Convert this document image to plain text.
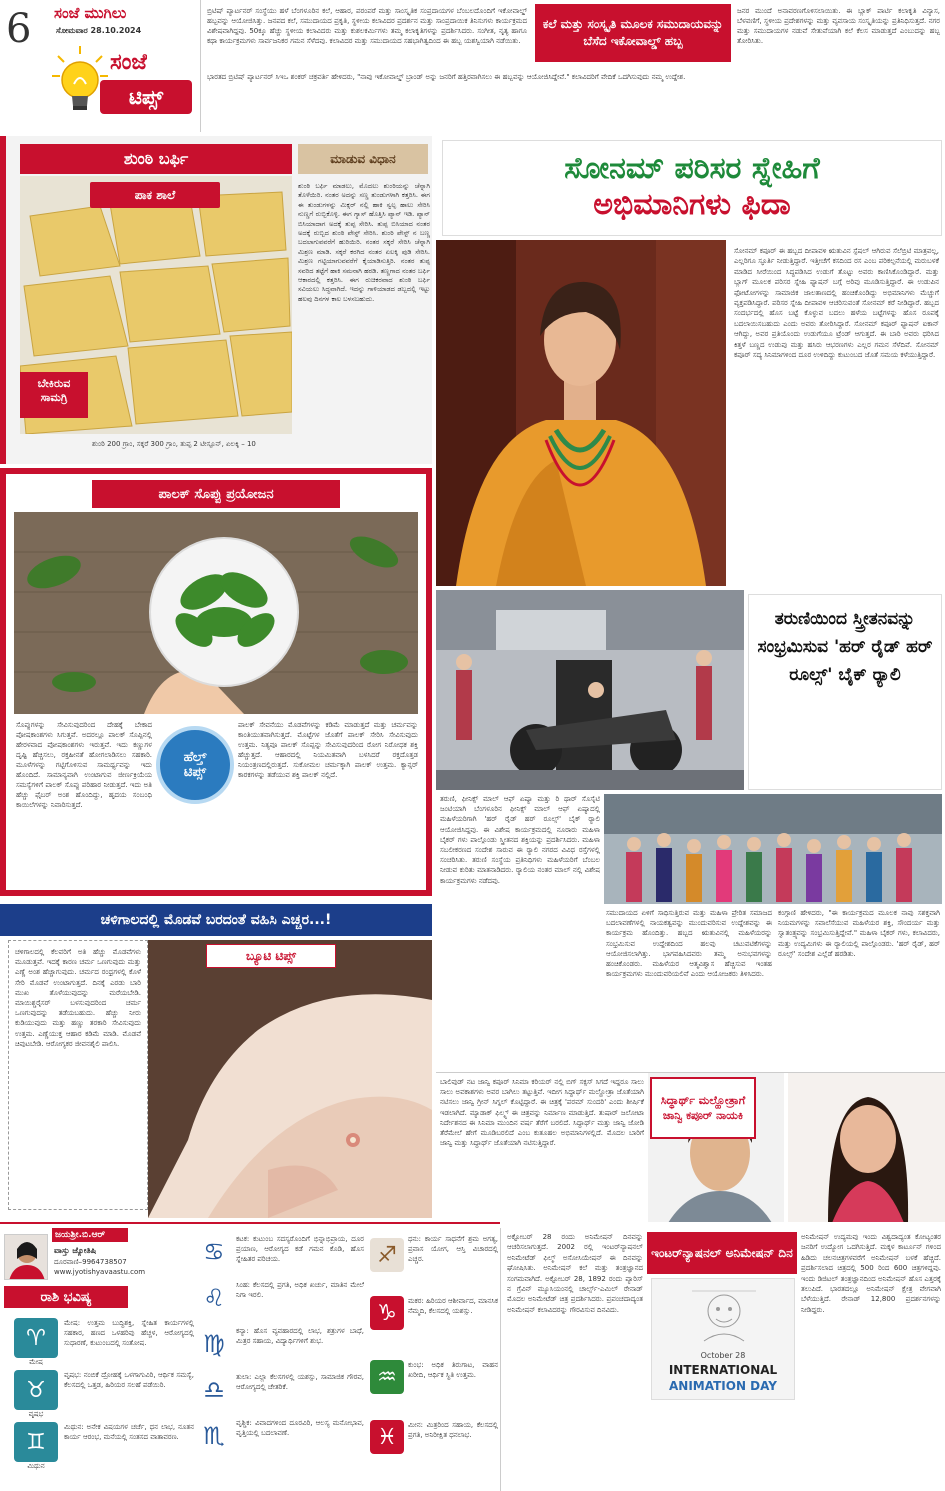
6 ಸಂಜೆ ಮುಗಿಲು
ಸೋಮವಾರ 28.10.2024
ಸಂಜೆ
ಟಿಪ್ಸ್
ಬ್ರಿಟಿಷ್ ಪ್ಯಾರ್ಟನರ್ ಸಂಸ್ಥೆಯು ಹಳೆ ಬೆಂಗಳೂರಿನ ಕಲೆ, ಆಹಾರ, ಪರಂಪರೆ ಮತ್ತು ಸಾಂಸ್ಕೃತಿಕ ಸಂಪ್ರದಾಯಗಳ ಬೆಂಬಲದೊಂದಿಗೆ ಇಕೋವಾಲ್ಡ್ ಹಬ್ಬವನ್ನು ಆಯೋಜಿಸಿತ್ತು. ಜನಪದ ಕಲೆ, ಸಮುದಾಯದ ಪ್ರಕೃತಿ, ಸ್ಥಳೀಯ ಕಲಾವಿದರ ಪ್ರದರ್ಶನ ಮತ್ತು ಸಾಂಪ್ರದಾಯಿಕ ತಿನಿಸುಗಳು ಕಾರ್ಯಕ್ರಮದ ವಿಶೇಷವಾಗಿದ್ದವು. 50ಕ್ಕೂ ಹೆಚ್ಚು ಸ್ಥಳೀಯ ಕಲಾವಿದರು ಮತ್ತು ಕುಶಲಕರ್ಮಿಗಳು ತಮ್ಮ ಕಲಾಕೃತಿಗಳನ್ನು ಪ್ರದರ್ಶಿಸಿದರು. ಸಂಗೀತ, ನೃತ್ಯ ಹಾಗೂ ಕಥಾ ಕಾರ್ಯಕ್ರಮಗಳು ಸಾರ್ವಜನಿಕರ ಗಮನ ಸೆಳೆದವು. ಕಲಾವಿದರ ಮತ್ತು ಸಮುದಾಯದ ಸಹಭಾಗಿತ್ವದಿಂದ ಈ ಹಬ್ಬ ಯಶಸ್ವಿಯಾಗಿ ನಡೆಯಿತು.
ಕಲೆ ಮತ್ತು ಸಂಸ್ಕೃತಿ ಮೂಲಕ ಸಮುದಾಯವನ್ನು ಬೆಸೆದ ಇಕೋವಾಲ್ಡ್ ಹಬ್ಬ
ಜನರ ಮುಂದೆ ಅನಾವರಣಗೊಳಿಸಲಾಯಿತು. ಈ ಬ್ಲಾಕ್ ಪಾರ್ಟಿ ಕಲಾಕೃತಿ ವಿನ್ಯಾಸ, ಬೆಳವಣಿಗೆ, ಸ್ಥಳೀಯ ಪ್ರದೇಶಗಳನ್ನು ಮತ್ತು ವ್ಯವಸಾಯ ಸಂಸ್ಕೃತಿಯನ್ನು ಪ್ರತಿನಿಧಿಸುತ್ತದೆ. ನಗರ ಮತ್ತು ಸಮುದಾಯಗಳ ನಡುವೆ ಸೇತುವೆಯಾಗಿ ಕಲೆ ಕೆಲಸ ಮಾಡುತ್ತದೆ ಎಂಬುದನ್ನು ಹಬ್ಬ ತೋರಿಸಿತು.
ಭಾರತದ ಬ್ರಿಟಿಷ್ ಪ್ಯಾರ್ಟನರ್ ಸಿಇಒ ಶಂಕರ್ ಚಕ್ರವರ್ತಿ ಹೇಳಿದರು, "ನಾವು ಇಕೋವಾಲ್ಡ್ ಬ್ರಾಂಡ್ ಅನ್ನು ಜನರಿಗೆ ಹತ್ತಿರವಾಗಿಸಲು ಈ ಹಬ್ಬವನ್ನು ಆಯೋಜಿಸಿದ್ದೇವೆ." ಕಲಾವಿದರಿಗೆ ವೇದಿಕೆ ಒದಗಿಸುವುದು ನಮ್ಮ ಉದ್ದೇಶ.
ಶುಂಠಿ ಬರ್ಫಿ	ಮಾಡುವ ವಿಧಾನ
ಪಾಕ ಶಾಲೆ
ಬೇಕಿರುವ
ಸಾಮಗ್ರಿ
ಶುಂಠಿ ಬರ್ಫಿ ಮಾಡಲು, ಮೊದಲು ಶುಂಠಿಯನ್ನು ಚೆನ್ನಾಗಿ ತೊಳೆಯಿರಿ. ನಂತರ ಅದನ್ನು ಸಣ್ಣ ತುಂಡುಗಳಾಗಿ ಕತ್ತರಿಸಿ. ಈಗ ಈ ತುಂಡುಗಳನ್ನು ಮಿಕ್ಸರ್ ನಲ್ಲಿ ಹಾಕಿ ಸ್ವಲ್ಪ ಹಾಲು ಸೇರಿಸಿ ನುಣ್ಣಗೆ ರುಬ್ಬಿಕೊಳ್ಳಿ. ಈಗ ಗ್ಯಾಸ್ ಹೊತ್ತಿಸಿ ಪ್ಯಾನ್ ಇಡಿ. ಪ್ಯಾನ್ ಬಿಸಿಯಾದಾಗ ಅದಕ್ಕೆ ತುಪ್ಪ ಸೇರಿಸಿ. ತುಪ್ಪ ಬಿಸಿಯಾದ ನಂತರ ಅದಕ್ಕೆ ರುಬ್ಬಿದ ಶುಂಠಿ ಪೇಸ್ಟ್ ಸೇರಿಸಿ. ಶುಂಠಿ ಪೇಸ್ಟ್ ನ ಬಣ್ಣ ಬದಲಾಗುವವರೆಗೆ ಹುರಿಯಿರಿ. ನಂತರ ಸಕ್ಕರೆ ಸೇರಿಸಿ ಚೆನ್ನಾಗಿ ಮಿಶ್ರಣ ಮಾಡಿ. ಸಕ್ಕರೆ ಕರಗಿದ ನಂತರ ಏಲಕ್ಕಿ ಪುಡಿ ಸೇರಿಸಿ. ಮಿಶ್ರಣ ಗಟ್ಟಿಯಾಗುವವರೆಗೆ ಕೈಯಾಡಿಸುತ್ತಿರಿ. ನಂತರ ತುಪ್ಪ ಸವರಿದ ತಟ್ಟೆಗೆ ಹಾಕಿ ಸಮನಾಗಿ ಹರಡಿ. ತಣ್ಣಗಾದ ನಂತರ ಬರ್ಫಿ ಆಕಾರದಲ್ಲಿ ಕತ್ತರಿಸಿ. ಈಗ ರುಚಿಕರವಾದ ಶುಂಠಿ ಬರ್ಫಿ ಸವಿಯಲು ಸಿದ್ಧವಾಗಿದೆ. ಇದನ್ನು ಗಾಳಿಯಾಡದ ಡಬ್ಬದಲ್ಲಿ ಇಟ್ಟು ಹಲವು ದಿನಗಳ ಕಾಲ ಬಳಸಬಹುದು.
ಶುಂಠಿ 200 ಗ್ರಾಂ, ಸಕ್ಕರೆ 300 ಗ್ರಾಂ, ತುಪ್ಪ 2 ಟೀಸ್ಪೂನ್, ಏಲಕ್ಕಿ – 10
ಪಾಲಕ್ ಸೊಪ್ಪು ಪ್ರಯೋಜನ
ಸೊಪ್ಪುಗಳನ್ನು ಸೇವಿಸುವುದರಿಂದ ದೇಹಕ್ಕೆ ಬೇಕಾದ ಪೋಷಕಾಂಶಗಳು ಸಿಗುತ್ತವೆ. ಅದರಲ್ಲೂ ಪಾಲಕ್ ಸೊಪ್ಪಿನಲ್ಲಿ ಹೇರಳವಾದ ಪೋಷಕಾಂಶಗಳು ಇರುತ್ತವೆ. ಇದು ಕಣ್ಣುಗಳ ದೃಷ್ಟಿ ಹೆಚ್ಚಿಸಲು, ರಕ್ತಹೀನತೆ ಹೋಗಲಾಡಿಸಲು ಸಹಕಾರಿ. ಮೂಳೆಗಳನ್ನು ಗಟ್ಟಿಗೊಳಿಸುವ ಸಾಮರ್ಥ್ಯವನ್ನು ಇದು ಹೊಂದಿದೆ. ಸಾಮಾನ್ಯವಾಗಿ ಉಂಟಾಗುವ ಜೀರ್ಣಕ್ರಿಯೆಯ ಸಮಸ್ಯೆಗಳಿಗೆ ಪಾಲಕ್ ಸೊಪ್ಪು ಪರಿಹಾರ ನೀಡುತ್ತದೆ. ಇದು ಅತಿ ಹೆಚ್ಚು ಫೈಬರ್ ಅಂಶ ಹೊಂದಿದ್ದು, ಹೃದಯ ಸಂಬಂಧಿ ಕಾಯಿಲೆಗಳನ್ನು ನಿವಾರಿಸುತ್ತದೆ.
ಹೆಲ್ತ್
ಟಿಪ್ಸ್
ಪಾಲಕ್ ಸೇವನೆಯು ಮೊಡವೆಗಳನ್ನು ಕಡಿಮೆ ಮಾಡುತ್ತದೆ ಮತ್ತು ಚರ್ಮವನ್ನು ಕಾಂತಿಯುತವಾಗಿಸುತ್ತದೆ. ಮೊಟ್ಟೆಗಳ ಜೊತೆಗೆ ಪಾಲಕ್ ಸೇರಿಸಿ ಸೇವಿಸುವುದು ಉತ್ತಮ. ನಿತ್ಯವೂ ಪಾಲಕ್ ಸೊಪ್ಪನ್ನು ಸೇವಿಸುವುದರಿಂದ ರೋಗ ನಿರೋಧಕ ಶಕ್ತಿ ಹೆಚ್ಚುತ್ತದೆ. ಆಹಾರದಲ್ಲಿ ನಿಯಮಿತವಾಗಿ ಬಳಸಿದರೆ ರಕ್ತದೊತ್ತಡ ನಿಯಂತ್ರಣದಲ್ಲಿರುತ್ತದೆ. ಸುಕೋಮಲ ಚರ್ಮಕ್ಕಾಗಿ ಪಾಲಕ್ ಉತ್ತಮ. ಕ್ಯಾನ್ಸರ್ ಕಾರಕಗಳನ್ನು ತಡೆಯುವ ಶಕ್ತಿ ಪಾಲಕ್ ನಲ್ಲಿದೆ.
ಚಳಿಗಾಲದಲ್ಲಿ ಮೊಡವೆ ಬರದಂತೆ ವಹಿಸಿ ಎಚ್ಚರ...!
ಬ್ಯೂಟಿ ಟಿಪ್ಸ್
ಚಳಿಗಾಲದಲ್ಲಿ ಕೆಲವರಿಗೆ ಅತಿ ಹೆಚ್ಚು ಮೊಡವೆಗಳು ಮೂಡುತ್ತವೆ. ಇದಕ್ಕೆ ಕಾರಣ ಚರ್ಮ ಒಣಗುವುದು ಮತ್ತು ಎಣ್ಣೆ ಅಂಶ ಹೆಚ್ಚಾಗುವುದು. ಚರ್ಮದ ರಂಧ್ರಗಳಲ್ಲಿ ಕೊಳೆ ಸೇರಿ ಮೊಡವೆ ಉಂಟಾಗುತ್ತದೆ. ದಿನಕ್ಕೆ ಎರಡು ಬಾರಿ ಮುಖ ತೊಳೆಯುವುದನ್ನು ಮರೆಯಬೇಡಿ. ಮಾಯಿಶ್ಚರೈಸರ್ ಬಳಸುವುದರಿಂದ ಚರ್ಮ ಒಣಗುವುದನ್ನು ತಡೆಯಬಹುದು. ಹೆಚ್ಚು ನೀರು ಕುಡಿಯುವುದು ಮತ್ತು ಹಣ್ಣು ತರಕಾರಿ ಸೇವಿಸುವುದು ಉತ್ತಮ. ಎಣ್ಣೆಯುಕ್ತ ಆಹಾರ ಕಡಿಮೆ ಮಾಡಿ. ಮೊಡವೆ ಚಿವುಟಬೇಡಿ. ಆರೋಗ್ಯಕರ ಜೀವನಶೈಲಿ ಪಾಲಿಸಿ.
ಸೋನಮ್ ಪರಿಸರ ಸ್ನೇಹಿಗೆ
ಅಭಿಮಾನಿಗಳು ಫಿದಾ
ಸೋನಮ್ ಕಪೂರ್ ಈ ಹಬ್ಬದ ದೀಪಾವಳಿ ಋತುವಿನ ಸ್ಪೆಷಲ್ ಆಗಿರುವ ಸೆಲೆಬ್ರಿಟಿ ಮಾತ್ರವಲ್ಲ, ಎಲ್ಲರಿಗೂ ಸ್ಫೂರ್ತಿ ನೀಡುತ್ತಿದ್ದಾರೆ. ಇತ್ತೀಚೆಗೆ ಕಸದಿಂದ ರಸ ಎಂಬ ಪರಿಕಲ್ಪನೆಯಲ್ಲಿ ಮರುಬಳಕೆ ಮಾಡಿದ ಸೀರೆಯಿಂದ ಸಿದ್ಧಪಡಿಸಿದ ಉಡುಗೆ ತೊಟ್ಟು ಅವರು ಕಾಣಿಸಿಕೊಂಡಿದ್ದಾರೆ. ಮತ್ತು ಬ್ಲಾಗ್ ಮೂಲಕ ಪರಿಸರ ಸ್ನೇಹಿ ಫ್ಯಾಷನ್ ಬಗ್ಗೆ ಅರಿವು ಮೂಡಿಸುತ್ತಿದ್ದಾರೆ. ಈ ಉಡುಪಿನ ಫೋಟೋಗಳನ್ನು ಸಾಮಾಜಿಕ ಜಾಲತಾಣದಲ್ಲಿ ಹಂಚಿಕೊಂಡಿದ್ದು ಅಭಿಮಾನಿಗಳು ಮೆಚ್ಚುಗೆ ವ್ಯಕ್ತಪಡಿಸಿದ್ದಾರೆ. ಪರಿಸರ ಸ್ನೇಹಿ ದೀಪಾವಳಿ ಆಚರಿಸುವಂತೆ ಸೋನಮ್ ಕರೆ ನೀಡಿದ್ದಾರೆ. ಹಬ್ಬದ ಸಂದರ್ಭದಲ್ಲಿ ಹೊಸ ಬಟ್ಟೆ ಕೊಳ್ಳುವ ಬದಲು ಹಳೆಯ ಬಟ್ಟೆಗಳನ್ನು ಹೊಸ ರೂಪಕ್ಕೆ ಬದಲಾಯಿಸಬಹುದು ಎಂದು ಅವರು ತೋರಿಸಿದ್ದಾರೆ. ಸೋನಮ್ ಕಪೂರ್ ಫ್ಯಾಷನ್ ಐಕಾನ್ ಆಗಿದ್ದು, ಅವರ ಪ್ರತಿಯೊಂದು ಉಡುಗೆಯೂ ಟ್ರೆಂಡ್ ಆಗುತ್ತದೆ. ಈ ಬಾರಿ ಅವರು ಧರಿಸಿದ ಕಿತ್ತಳೆ ಬಣ್ಣದ ಉಡುಪು ಮತ್ತು ಹಸಿರು ಆಭರಣಗಳು ಎಲ್ಲರ ಗಮನ ಸೆಳೆದಿವೆ. ಸೋನಮ್ ಕಪೂರ್ ಸದ್ಯ ಸಿನಿಮಾಗಳಿಂದ ದೂರ ಉಳಿದಿದ್ದು ಕುಟುಂಬದ ಜೊತೆ ಸಮಯ ಕಳೆಯುತ್ತಿದ್ದಾರೆ.
ತರುಣಿಯಿಂದ ಸ್ತ್ರೀತನವನ್ನು ಸಂಭ್ರಮಿಸುವ 'ಹರ್ ರೈಡ್ ಹರ್ ರೂಲ್ಸ್' ಬೈಕ್ ರ್‍ಯಾಲಿ
ತರುಣಿ, ಫೀನಿಕ್ಸ್ ಮಾಲ್ ಆಫ್ ಏಷ್ಯಾ ಮತ್ತು ರಿ ಥಾರ್ ಸೊಸೈಟಿ ಜಂಟಿಯಾಗಿ ಬೆಂಗಳೂರಿನ ಫೀನಿಕ್ಸ್ ಮಾಲ್ ಆಫ್ ಏಷ್ಯಾದಲ್ಲಿ ಮಹಿಳೆಯರಿಗಾಗಿ 'ಹರ್ ರೈಡ್ ಹರ್ ರೂಲ್ಸ್' ಬೈಕ್ ರ್‍ಯಾಲಿ ಆಯೋಜಿಸಿದ್ದವು. ಈ ವಿಶೇಷ ಕಾರ್ಯಕ್ರಮದಲ್ಲಿ ನೂರಾರು ಮಹಿಳಾ ಬೈಕರ್ ಗಳು ಪಾಲ್ಗೊಂಡು ಸ್ತ್ರೀತನದ ಶಕ್ತಿಯನ್ನು ಪ್ರದರ್ಶಿಸಿದರು. ಮಹಿಳಾ ಸಬಲೀಕರಣದ ಸಂದೇಶ ಸಾರುವ ಈ ರ್‍ಯಾಲಿ ನಗರದ ವಿವಿಧ ರಸ್ತೆಗಳಲ್ಲಿ ಸಂಚರಿಸಿತು. ತರುಣಿ ಸಂಸ್ಥೆಯ ಪ್ರತಿನಿಧಿಗಳು ಮಹಿಳೆಯರಿಗೆ ಬೆಂಬಲ ನೀಡುವ ಕುರಿತು ಮಾತನಾಡಿದರು. ರ್‍ಯಾಲಿಯ ನಂತರ ಮಾಲ್ ನಲ್ಲಿ ವಿಶೇಷ ಕಾರ್ಯಕ್ರಮಗಳು ನಡೆದವು.
ಸಮುದಾಯದ ಏಳಿಗೆ ಸಾಧಿಸುತ್ತಿರುವ ಮತ್ತು ಮಹಿಳಾ ಪ್ರೇರಿತ ಸಮಾಜದ ಬದಲಾವಣೆಗಳಲ್ಲಿ ನಾಯಕತ್ವವನ್ನು ಮುಂದುವರಿಸುವ ಉದ್ದೇಶವನ್ನು ಈ ಕಾರ್ಯಕ್ರಮ ಹೊಂದಿತ್ತು. ಹಬ್ಬದ ಋತುವಿನಲ್ಲಿ ಮಹಿಳೆಯರನ್ನು ಸಂಭ್ರಮಿಸುವ ಉದ್ದೇಶದಿಂದ ಹಲವು ಚಟುವಟಿಕೆಗಳನ್ನು ಆಯೋಜಿಸಲಾಗಿತ್ತು. ಭಾಗವಹಿಸಿದವರು ತಮ್ಮ ಅನುಭವಗಳನ್ನು ಹಂಚಿಕೊಂಡರು. ಮಹಿಳೆಯರ ಆತ್ಮವಿಶ್ವಾಸ ಹೆಚ್ಚಿಸುವ ಇಂತಹ ಕಾರ್ಯಕ್ರಮಗಳು ಮುಂದುವರಿಯಲಿವೆ ಎಂದು ಆಯೋಜಕರು ತಿಳಿಸಿದರು.
ಕಂಗ್ಗಾಣಿ ಹೇಳಿದರು, "ಈ ಕಾರ್ಯಕ್ರಮದ ಮೂಲಕ ನಾವು ಸಶಕ್ತವಾಗಿ ನಿಯಮಗಳನ್ನು ಸವಾಲೆಸೆಯುವ ಮಹಿಳೆಯರ ಶಕ್ತಿ, ಸೌಂದರ್ಯ ಮತ್ತು ಸ್ವಾತಂತ್ರ್ಯವನ್ನು ಸಂಭ್ರಮಿಸುತ್ತಿದ್ದೇವೆ." ಮಹಿಳಾ ಬೈಕರ್ ಗಳು, ಕಲಾವಿದರು, ಮತ್ತು ಉದ್ಯಮಿಗಳು ಈ ರ್‍ಯಾಲಿಯಲ್ಲಿ ಪಾಲ್ಗೊಂಡರು. 'ಹರ್ ರೈಡ್, ಹರ್ ರೂಲ್ಸ್' ಸಂದೇಶ ಎಲ್ಲೆಡೆ ಹರಡಿತು.
ಬಾಲಿವುಡ್ ನಟ ಜಾನ್ವಿ ಕಪೂರ್ ಸಿನಿಮಾ ಕರಿಯರ್ ನಲ್ಲಿ ಬಿಗ್ ಸಕ್ಸಸ್ ಸಿಗದೆ ಇದ್ದರೂ ಸಾಲು ಸಾಲು ಅವಕಾಶಗಳು ಅವರ ಬಾಗಿಲು ತಟ್ಟುತ್ತಿವೆ. ಇದೀಗ ಸಿದ್ಧಾರ್ಥ್ ಮಲ್ಹೋತ್ರಾ ಜೊತೆಯಾಗಿ ನಟಿಸಲು ಜಾನ್ವಿ ಗ್ರೀನ್ ಸಿಗ್ನಲ್ ಕೊಟ್ಟಿದ್ದಾರೆ. ಈ ಚಿತ್ರಕ್ಕೆ 'ಪರಮ್ ಸುಂದರಿ' ಎಂದು ಶೀರ್ಷಿಕೆ ಇಡಲಾಗಿದೆ. ಮ್ಯಾಡಾಕ್ ಫಿಲ್ಮ್ಸ್ ಈ ಚಿತ್ರವನ್ನು ನಿರ್ಮಾಣ ಮಾಡುತ್ತಿದೆ. ತುಷಾರ್ ಜಲೋಟಾ ನಿರ್ದೇಶನದ ಈ ಸಿನಿಮಾ ಮುಂದಿನ ವರ್ಷ ತೆರೆಗೆ ಬರಲಿದೆ. ಸಿದ್ಧಾರ್ಥ್ ಮತ್ತು ಜಾನ್ವಿ ಜೋಡಿ ತೆರೆಮೇಲೆ ಹೇಗೆ ಮೂಡಿಬರಲಿದೆ ಎಂಬ ಕುತೂಹಲ ಅಭಿಮಾನಿಗಳಲ್ಲಿದೆ. ಮೊದಲ ಬಾರಿಗೆ ಜಾನ್ವಿ ಮತ್ತು ಸಿದ್ಧಾರ್ಥ್ ಜೊತೆಯಾಗಿ ನಟಿಸುತ್ತಿದ್ದಾರೆ.
ಸಿದ್ಧಾರ್ಥ್ ಮಲ್ಹೋತ್ರಾಗೆ ಜಾನ್ವಿ ಕಪೂರ್ ನಾಯಕಿ
ಜಯಶ್ರೀ.ಬಿ.ಆರ್
ವಾಸ್ತು ಜ್ಯೋತಿಷಿ
ದೂರವಾಣಿ–9964738507
www.jyotishyavaastu.com
ರಾಶಿ ಭವಿಷ್ಯ
♈
♉
♊
ಮೇಷ
ವೃಷಭ
ಮಿಥುನ
ಮೇಷ: ಉತ್ತಮ ಬುದ್ಧಿಶಕ್ತಿ, ಸ್ನೇಹಿತ ಕಾರ್ಯಗಳಲ್ಲಿ ಸಹಕಾರ, ಹಣದ ಒಳಹರಿವು ಹೆಚ್ಚಳ, ಆರೋಗ್ಯದಲ್ಲಿ ಸುಧಾರಣೆ, ಕುಟುಂಬದಲ್ಲಿ ಸಂತೋಷ.
ವೃಷಭ: ನಂಬಿಕೆ ದ್ರೋಹಕ್ಕೆ ಒಳಗಾಗುವಿರಿ, ಆರ್ಥಿಕ ಸಮಸ್ಯೆ, ಕೆಲಸದಲ್ಲಿ ಒತ್ತಡ, ಹಿರಿಯರ ಸಲಹೆ ಪಡೆಯಿರಿ.
ಮಿಥುನ: ಅನೇಕ ವಿಷಯಗಳ ಚರ್ಚೆ, ಧನ ಲಾಭ, ನೂತನ ಕಾರ್ಯ ಆರಂಭ, ಮನೆಯಲ್ಲಿ ಸಂತಸದ ವಾತಾವರಣ.
♋
♌
♍
♎
♏
ಕಟಕ: ಕುಟುಂಬ ಸದಸ್ಯರೊಂದಿಗೆ ಭಿನ್ನಾಭಿಪ್ರಾಯ, ದೂರ ಪ್ರಯಾಣ, ಆರೋಗ್ಯದ ಕಡೆ ಗಮನ ಕೊಡಿ, ಹೊಸ ಸ್ನೇಹಿತರ ಪರಿಚಯ.
ಸಿಂಹ: ಕೆಲಸದಲ್ಲಿ ಪ್ರಗತಿ, ಅಧಿಕ ಖರ್ಚು, ಮಾತಿನ ಮೇಲೆ ನಿಗಾ ಇರಲಿ.
ಕನ್ಯಾ: ಹೊಸ ವ್ಯವಹಾರದಲ್ಲಿ ಲಾಭ, ಶತ್ರುಗಳ ಬಾಧೆ, ಮಿತ್ರರ ಸಹಾಯ, ವಿದ್ಯಾರ್ಥಿಗಳಿಗೆ ಶುಭ.
ತುಲಾ: ಎಲ್ಲಾ ಕೆಲಸಗಳಲ್ಲಿ ಯಶಸ್ಸು, ಸಾಮಾಜಿಕ ಗೌರವ, ಆರೋಗ್ಯದಲ್ಲಿ ಚೇತರಿಕೆ.
ವೃಶ್ಚಿಕ: ವಿವಾದಗಳಿಂದ ದೂರವಿರಿ, ಆಲಸ್ಯ ಮನೋಭಾವ, ವೃತ್ತಿಯಲ್ಲಿ ಬದಲಾವಣೆ.
♐
♑
♒
♓
ಧನು: ಕಾರ್ಯ ಸಾಧನೆಗೆ ಶ್ರಮ ಅಗತ್ಯ, ಪ್ರವಾಸ ಯೋಗ, ಆಸ್ತಿ ವಿಚಾರದಲ್ಲಿ ಎಚ್ಚರ.
ಮಕರ: ಹಿರಿಯರ ಆಶೀರ್ವಾದ, ಮಾನಸಿಕ ನೆಮ್ಮದಿ, ಕೆಲಸದಲ್ಲಿ ಯಶಸ್ಸು.
ಕುಂಭ: ಅಧಿಕ ತಿರುಗಾಟ, ವಾಹನ ಖರೀದಿ, ಆರ್ಥಿಕ ಸ್ಥಿತಿ ಉತ್ತಮ.
ಮೀನ: ಮಿತ್ರರಿಂದ ಸಹಾಯ, ಕೆಲಸದಲ್ಲಿ ಪ್ರಗತಿ, ಅನಿರೀಕ್ಷಿತ ಧನಲಾಭ.
ಅಕ್ಟೋಬರ್ 28 ರಂದು ಅನಿಮೇಷನ್ ದಿನವನ್ನು ಆಚರಿಸಲಾಗುತ್ತದೆ. 2002 ರಲ್ಲಿ ಇಂಟರ್‌ನ್ಯಾಷನಲ್ ಅನಿಮೇಟೆಡ್ ಫಿಲ್ಮ್ ಅಸೋಸಿಯೇಷನ್ ಈ ದಿನವನ್ನು ಘೋಷಿಸಿತು. ಅನಿಮೇಷನ್ ಕಲೆ ಮತ್ತು ತಂತ್ರಜ್ಞಾನದ ಸಂಗಮವಾಗಿದೆ. ಅಕ್ಟೋಬರ್ 28, 1892 ರಂದು ಪ್ಯಾರಿಸ್ ನ ಗ್ರೆವಿನ್ ಮ್ಯೂಸಿಯಂನಲ್ಲಿ ಚಾರ್ಲ್ಸ್-ಎಮಿಲ್ ರೇನಾಡ್ ಮೊದಲ ಅನಿಮೇಟೆಡ್ ಚಿತ್ರ ಪ್ರದರ್ಶಿಸಿದರು. ಪ್ರಪಂಚದಾದ್ಯಂತ ಅನಿಮೇಷನ್ ಕಲಾವಿದರನ್ನು ಗೌರವಿಸುವ ದಿನವಿದು.
ಇಂಟರ್‌ನ್ಯಾಷನಲ್ ಅನಿಮೇಷನ್ ದಿನ
October 28
INTERNATIONAL
ANIMATION DAY
ಅನಿಮೇಷನ್ ಉದ್ಯಮವು ಇಂದು ವಿಶ್ವದಾದ್ಯಂತ ಕೋಟ್ಯಂತರ ಜನರಿಗೆ ಉದ್ಯೋಗ ಒದಗಿಸುತ್ತಿದೆ. ಮಕ್ಕಳ ಕಾರ್ಟೂನ್ ಗಳಿಂದ ಹಿಡಿದು ಚಲನಚಿತ್ರಗಳವರೆಗೆ ಅನಿಮೇಷನ್ ಬಳಕೆ ಹೆಚ್ಚಿದೆ. ಪ್ರದರ್ಶಿಸಲಾದ ಚಿತ್ರದಲ್ಲಿ 500 ರಿಂದ 600 ಚಿತ್ರಗಳಿದ್ದವು. ಇಂದು ಡಿಜಿಟಲ್ ತಂತ್ರಜ್ಞಾನದಿಂದ ಅನಿಮೇಷನ್ ಹೊಸ ಎತ್ತರಕ್ಕೆ ತಲುಪಿದೆ. ಭಾರತದಲ್ಲೂ ಅನಿಮೇಷನ್ ಕ್ಷೇತ್ರ ವೇಗವಾಗಿ ಬೆಳೆಯುತ್ತಿದೆ. ರೇನಾಡ್ 12,800 ಪ್ರದರ್ಶನಗಳನ್ನು ನೀಡಿದ್ದರು.
